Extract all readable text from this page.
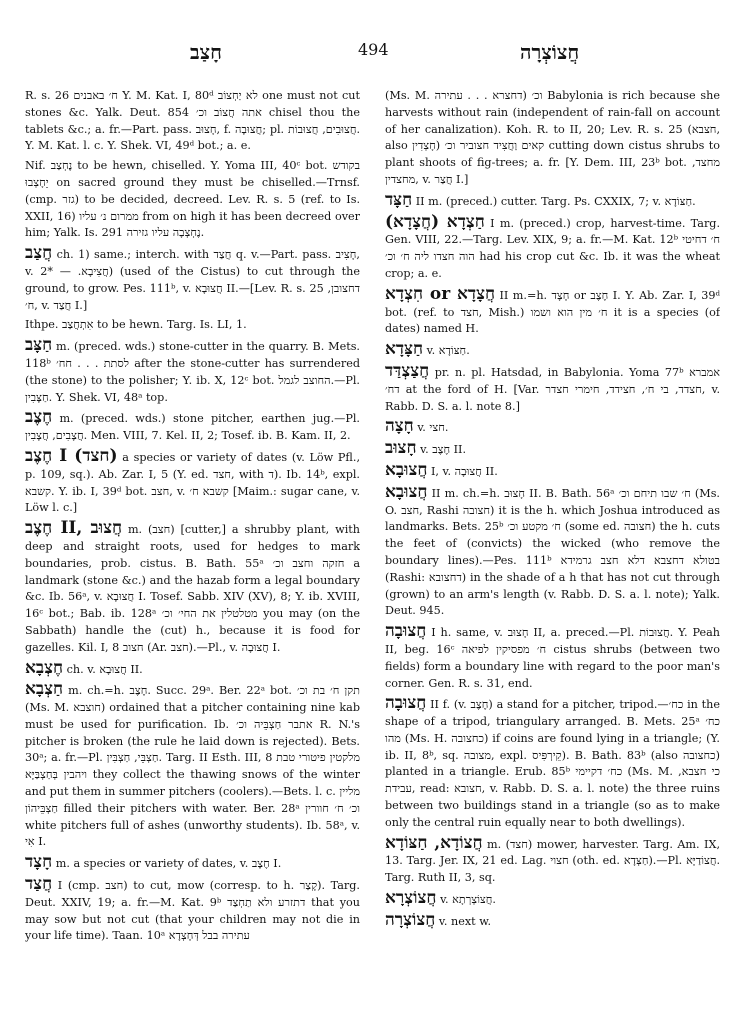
חָצַב	494	חֲצוֹצְרָה

R. s. 26 ח׳ באבנים Y. M. Kat. I, 80ᵈ לא יַחְצוֹב one must not cut stones &c. Yalk. Deut. 854 אתה חֲצוֹב וכ׳ chisel thou the tablets &c.; a. fr.—Part. pass. חָצוּב, f. חֲצוּבָה; pl. חֲצוּבִים, חֲצוּבוֹת. Y. M. Kat. l. c. Y. Shek. VI, 49ᵈ bot.; a. e.

Nif. נֶחְצַב to be hewn, chiselled. Y. Yoma III, 40ᶜ bot. בקודש יֵחָצְבוּ on sacred ground they must be chiselled.—Trnsf. (cmp. גזר) to be decided, decreed. Lev. R. s. 5 (ref. to Is. XXII, 16) ממרום נ׳ עליו from on high it has been decreed over him; Yalk. Is. 291 נֶחְצְבָה עליו גזירה.

חֲצַב ch. 1) same.; interch. with חֲצַד q. v.—Part. pass. חָצִיב, v. חֲצִיבָא. — *2) (used of the Cistus) to cut through the ground, to grow. Pes. 111ᵇ, v. חֲצוּבָא II.—[Lev. R. s. 25 דחצובן, ח׳, v. חֲצַד I.]

Ithpe. אִתְחֲצַב to be hewn. Targ. Is. LI, 1.

חַצָּב m. (preced. wds.) stone-cutter in the quarry. B. Mets. 118ᵇ לסתת . . . חח׳ after the stone-cutter has surrendered (the stone) to the polisher; Y. ib. X, 12ᶜ bot. החוצב לגמל.—Pl. חַצָּבִין. Y. Shek. VI, 48ᵃ top.

חֶצֶב m. (preced. wds.) stone pitcher, earthen jug.—Pl. חֲצָבִים, חֲצָבִין. Men. VIII, 7. Kel. II, 2; Tosef. ib. B. Kam. II, 2.

חֶצֶב I (חצד) a species or variety of dates (v. Löw Pfl., p. 109, sq.). Ab. Zar. I, 5 (Y. ed. חצד, with ד). Ib. 14ᵇ, expl. קשבא. Y. ib. I, 39ᵈ bot. חצב, v. קשבא ח׳ [Maim.: sugar cane, v. Löw l. c.]

חֶצֶב II, חֲצוּב m. (חצב) [cutter,] a shrubby plant, with deep and straight roots, used for hedges to mark boundaries, prob. cistus. B. Bath. 55ᵃ חזקה וחצב וכ׳ a landmark (stone &c.) and the hazab form a legal boundary &c. Ib. 56ᵃ, v. חֲצוּבָא I. Tosef. Sabb. XIV (XV), 8; Y. ib. XVIII, 16ᶜ bot.; Bab. ib. 128ᵃ מטלטלין את החי׳ וכ׳ you may (on the Sabbath) handle the (cut) h., because it is food for gazelles. Kil. I, 8 חצוב (Ar. חצב).—Pl., v. חֲצוּבָה I.

חֶצְבָא ch. v. חֲצוּבָא II.

חַצְבָא m. ch.=h. חֶצֶב. Succ. 29ᵃ. Ber. 22ᵃ bot. תקן ח׳ בת וכ׳ (Ms. M. חוצבא) ordained that a pitcher containing nine kab must be used for purification. Ib. אתבר חַצְבֵּיה וכ׳ R. N.'s pitcher is broken (the rule he laid down is rejected). Bets. 30ᵃ; a. fr.—Pl. חַצְבֵּי, חַצְבִּין. Targ. II Esth. III, 8 מלקטין פיטורי טבת ויהבין בְּחַצְבַּיָּא they collect the thawing snows of the winter and put them in summer pitchers (coolers).—Bets. l. c. מליין חַצְבֵּיהוֹן filled their pitchers with water. Ber. 28ᵃ וכ׳ ח׳ חוורין white pitchers full of ashes (unworthy students). Ib. 58ᵃ, v. אִי I.

חָצָד m. a species or variety of dates, v. חֶצֶב I.

חֲצַד I (cmp. חצב) to cut, mow (corresp. to h. קָצַר). Targ. Deut. XXIV, 19; a. fr.—M. Kat. 9ᵇ דתזרע ולא תַחְצַד that you may sow but not cut (that your children may not die in your life time). Taan. 10ᵃ עתירה בבל דְּחָצְדָא

(Ms. M. דחצרא . . . עתירה) וכ׳ Babylonia is rich because she harvests without rain (independent of rain-fall on account of her canalization). Koh. R. to II, 20; Lev. R. s. 25 (חצבא, also חָצְדִין) קאים וַחֲצִיד חצוביר וכ׳ cutting down cistus shrubs to plant shoots of fig-trees; a. fr. [Y. Dem. III, 23ᵇ bot. מחצד, מחצדין, v. חֲצַר I.]

חַצָּד II m. (preced.) cutter. Targ. Ps. CXXIX, 7; v. חַצּוֹדָא.

חַצְדָא (חֲצָדָא) I m. (preced.) crop, harvest-time. Targ. Gen. VIII, 22.—Targ. Lev. XIX, 9; a. fr.—M. Kat. 12ᵇ ח׳ דחיטי הוה חצדו ליה ח׳ וכ׳ had his crop cut &c. Ib. it was the wheat crop; a. e.

חִצְדָא or חֲצָדָא II m.=h. חָצָד or חֶצֶב I. Y. Ab. Zar. I, 39ᵈ bot. (ref. to חצד, Mish.) ח׳ מין הוא ושמו it is a species (of dates) named H.

חַצָּדָא v. חַצּוֹדָא.

חֲצַצְדַּד pr. n. pl. Hatsdad, in Babylonia. Yoma 77ᵇ אמברא דח׳ at the ford of H. [Var. חצדד, בי ח׳, חצידד, חימרי חצדר, v. Rabb. D. S. a. l. note 8.]

חָצָה v. חצי.

חָצוּב v. חֶצֶב II.

חֲצוּבָא I, v. חֲצוּבָה II.

חֲצוּבָא II m. ch.=h. חָצוּב II. B. Bath. 56ᵃ ח׳ שבו תיחם וכ׳ (Ms. O. חצב, Rashi חצובה) it is the h. which Joshua introduced as landmarks. Bets. 25ᵇ ח׳ מקטע וכ׳ (some ed. חצובה) the h. cuts the feet of (convicts) the wicked (who remove the boundary lines).—Pes. 111ᵇ בטולא דחצבא דלא חצב גרמידא (Rashi: דחצובא) in the shade of a h that has not cut through (grown) to an arm's length (v. Rabb. D. S. a. l. note); Yalk. Deut. 945.

חֲצוּבָה I h. same, v. חָצוּב II, a. preced.—Pl. חֲצוּבוֹת. Y. Peah II, beg. 16ᶜ ח׳ מפסיקין לפיאה cistus shrubs (between two fields) form a boundary line with regard to the poor man's corner. Gen. R. s. 31, end.

חֲצוּבָה II f. (v. חֶצֶב) a stand for a pitcher, tripod.—כח׳ in the shape of a tripod, triangulary arranged. B. Mets. 25ᵃ כח׳ מהו (Ms. H. כחצובה) if coins are found lying in a triangle; (Y. ib. II, 8ᵇ, sq. מצובה, expl. קֵירְפִּיס). B. Bath. 83ᵇ (also כחצובה) planted in a triangle. Erub. 85ᵇ כח׳ דקיימי (Ms. M. כי חצבא, עבידת, read: חצובא, v. Rabb. D. S. a. l. note) the three ruins between two buildings stand in a triangle (so as to make only the central ruin equally near to both dwellings).

חֲצוֹדָא, חַצּוֹדָא m. (חצד) mower, harvester. Targ. Am. IX, 13. Targ. Jer. IX, 21 ed. Lag. חצוי (oth. ed. חַצְּדָא).—Pl. חֲצוֹדַיָּא. Targ. Ruth II, 3, sq.

חֲצוֹצְרָא v. חֲצוֹצְרְתָא.

חֲצוֹצְרָה v. next w.
